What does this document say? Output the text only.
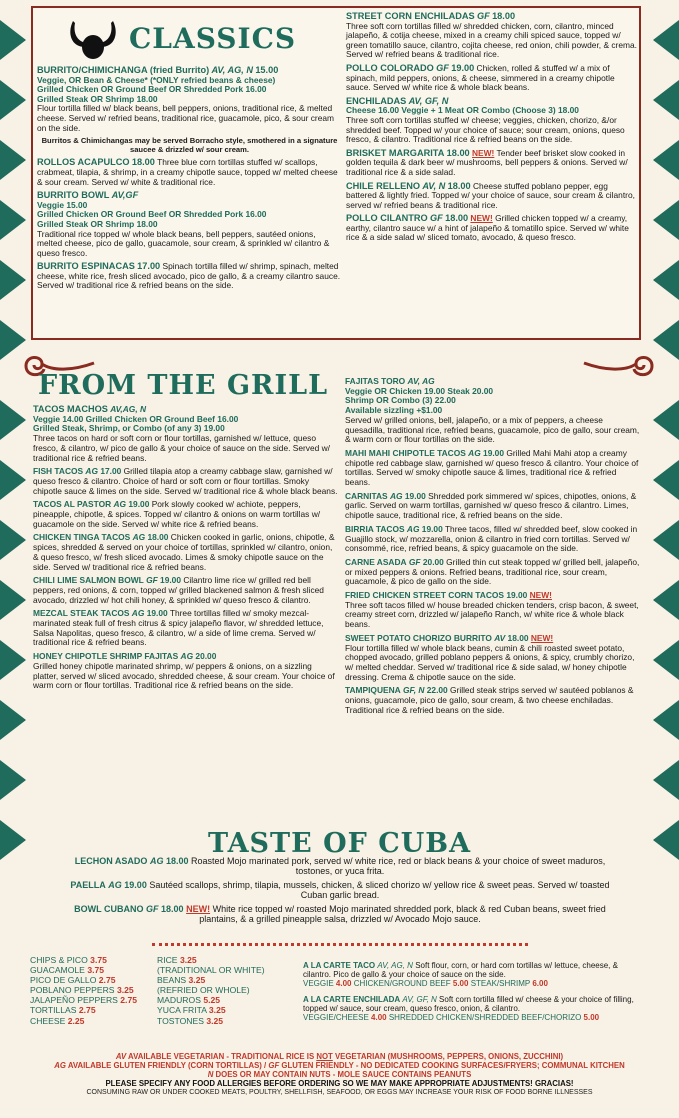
CLASSICS
BURRITO/CHIMICHANGA (fried Burrito) AV, AG, N 15.00
Veggie, OR Bean & Cheese* (*ONLY refried beans & cheese)
Grilled Chicken OR Ground Beef OR Shredded Pork 16.00
Grilled Steak OR Shrimp 18.00
Flour tortilla filled w/ black beans, bell peppers, onions, traditional rice, & melted cheese. Served w/ refried beans, traditional rice, guacamole, pico, & sour cream on the side.

Burritos & Chimichangas may be served Borracho style, smothered in a signature saucee & drizzled w/ sour cream.

ROLLOS ACAPULCO 18.00 Three blue corn tortillas stuffed w/ scallops, crabmeat, tilapia, & shrimp, in a creamy chipotle sauce, topped w/ melted cheese & sour cream. Served w/ white & traditional rice.
BURRITO BOWL AV,GF
Veggie 15.00
Grilled Chicken OR Ground Beef OR Shredded Pork 16.00
Grilled Steak OR Shrimp 18.00
Traditional rice topped w/ whole black beans, bell peppers, sautéed onions, melted cheese, pico de gallo, guacamole, sour cream, & sprinkled w/ cilantro & queso fresco.
BURRITO ESPINACAS 17.00 Spinach tortilla filled w/ shrimp, spinach, melted cheese, white rice, fresh sliced avocado, pico de gallo, & a creamy cilantro sauce. Served w/ traditional rice & refried beans on the side.
STREET CORN ENCHILADAS GF 18.00
Three soft corn tortillas filled w/ shredded chicken, corn, cilantro, minced jalapeño, & cotija cheese, mixed in a creamy chili spiced sauce, topped w/ green tomatillo sauce, cilantro, cojita cheese, red onion, chili powder, & crema. Served w/ refried beans & traditional rice.
POLLO COLORADO GF 19.00 Chicken, rolled & stuffed w/ a mix of spinach, mild peppers, onions, & cheese, simmered in a creamy chipotle sauce. Served w/ white rice & whole black beans.
ENCHILADAS AV, GF, N
Cheese 16.00 Veggie + 1 Meat OR Combo (Choose 3) 18.00
Three soft corn tortillas stuffed w/ cheese; veggies, chicken, chorizo, &/or shredded beef. Topped w/ your choice of sauce; sour cream, onions, queso fresco, & cilantro. Traditional rice & refried beans on the side.
BRISKET MARGARITA 18.00 NEW! Tender beef brisket slow cooked in golden tequila & dark beer w/ mushrooms, bell peppers & onions. Served w/ traditional rice & a side salad.
CHILE RELLENO AV, N 18.00 Cheese stuffed poblano pepper, egg battered & lightly fried. Topped w/ your choice of sauce, sour cream & cilantro, served w/ refried beans & traditional rice.
POLLO CILANTRO GF 18.00 NEW! Grilled chicken topped w/ a creamy, earthy, cilantro sauce w/ a hint of jalapeño & tomatillo spice. Served w/ white rice & a side salad w/ sliced tomato, avocado, & queso fresco.
FROM THE GRILL
TACOS MACHOS AV,AG, N
Veggie 14.00 Grilled Chicken OR Ground Beef 16.00
Grilled Steak, Shrimp, or Combo (of any 3) 19.00
Three tacos on hard or soft corn or flour tortillas, garnished w/ lettuce, queso fresco, & cilantro, w/ pico de gallo & your choice of sauce on the side. Served w/ traditional rice & refried beans.
FISH TACOS AG 17.00 Grilled tilapia atop a creamy cabbage slaw, garnished w/ queso fresco & cilantro. Choice of hard or soft corn or flour tortillas. Smoky chipotle sauce & limes on the side. Served w/ traditional rice & whole black beans.
TACOS AL PASTOR AG 19.00 Pork slowly cooked w/ achiote, peppers, pineapple, chipotle, & spices. Topped w/ cilantro & onions on warm tortillas w/ guacamole on the side. Served w/ white rice & refried beans.
CHICKEN TINGA TACOS AG 18.00 Chicken cooked in garlic, onions, chipotle, & spices, shredded & served on your choice of tortillas, sprinkled w/ cilantro, onion, & queso fresco, w/ fresh sliced avocado. Limes & smoky chipotle sauce on the side. Served w/ traditional rice & refried beans.
CHILI LIME SALMON BOWL GF 19.00 Cilantro lime rice w/ grilled red bell peppers, red onions, & corn, topped w/ grilled blackened salmon & fresh sliced avocado, drizzled w/ hot chili honey, & sprinkled w/ queso fresco & cilantro.
MEZCAL STEAK TACOS AG 19.00 Three tortillas filled w/ smoky mezcal-marinated steak full of fresh citrus & spicy jalapeño flavor, w/ shredded lettuce, Salsa Napolitas, queso fresco, & cilantro, w/ a side of lime crema. Served w/ traditional rice & refried beans.
HONEY CHIPOTLE SHRIMP FAJITAS AG 20.00
Grilled honey chipotle marinated shrimp, w/ peppers & onions, on a sizzling platter, served w/ sliced avocado, shredded cheese, & sour cream. Your choice of warm corn or flour tortillas. Traditional rice & refried beans on the side.
FAJITAS TORO AV, AG
Veggie OR Chicken 19.00 Steak 20.00
Shrimp OR Combo (3) 22.00
Available sizzling +$1.00
Served w/ grilled onions, bell, jalapeño, or a mix of peppers, a cheese quesadilla, traditional rice, refried beans, guacamole, pico de gallo, sour cream, & warm corn or flour tortillas on the side.
MAHI MAHI CHIPOTLE TACOS AG 19.00 Grilled Mahi Mahi atop a creamy chipotle red cabbage slaw, garnished w/ queso fresco & cilantro. Your choice of tortillas. Served w/ smoky chipotle sauce & limes, traditional rice & refried beans.
CARNITAS AG 19.00 Shredded pork simmered w/ spices, chipotles, onions, & garlic. Served on warm tortillas, garnished w/ queso fresco & cilantro. Limes, chipotle sauce, traditional rice, & refried beans on the side.
BIRRIA TACOS AG 19.00 Three tacos, filled w/ shredded beef, slow cooked in Guajillo stock, w/ mozzarella, onion & cilantro in fried corn tortillas. Served w/ consommé, rice, refried beans, & spicy guacamole on the side.
CARNE ASADA GF 20.00 Grilled thin cut steak topped w/ grilled bell, jalapeño, or mixed peppers & onions. Refried beans, traditional rice, sour cream, guacamole, & pico de gallo on the side.
FRIED CHICKEN STREET CORN TACOS 19.00 NEW!
Three soft tacos filled w/ house breaded chicken tenders, crisp bacon, & sweet, creamy street corn, drizzled w/ jalapeño Ranch, w/ white rice & whole black beans.
SWEET POTATO CHORIZO BURRITO AV 18.00 NEW!
Flour tortilla filled w/ whole black beans, cumin & chili roasted sweet potato, chopped avocado, grilled poblano peppers & onions, & spicy, crumbly chorizo, w/ melted cheddar. Served w/ traditional rice & side salad, w/ honey chipotle dressing. Crema & chipotle sauce on the side.
TAMPIQUENA GF, N 22.00 Grilled steak strips served w/ sautéed poblanos & onions, guacamole, pico de gallo, sour cream, & two cheese enchiladas. Traditional rice & refried beans on the side.
TASTE OF CUBA
LECHON ASADO AG 18.00 Roasted Mojo marinated pork, served w/ white rice, red or black beans & your choice of sweet maduros, tostones, or yuca frita.
PAELLA AG 19.00 Sautéed scallops, shrimp, tilapia, mussels, chicken, & sliced chorizo w/ yellow rice & sweet peas. Served w/ toasted Cuban garlic bread.
BOWL CUBANO GF 18.00 NEW! White rice topped w/ roasted Mojo marinated shredded pork, black & red Cuban beans, sweet fried plantains, & a grilled pineapple salsa, drizzled w/ Avocado Mojo sauce.
CHIPS & PICO 3.75
GUACAMOLE 3.75
PICO DE GALLO 2.75
POBLANO PEPPERS 3.25
JALAPEÑO PEPPERS 2.75
TORTILLAS 2.75
CHEESE 2.25
RICE 3.25
(TRADITIONAL OR WHITE)
BEANS 3.25
(REFRIED OR WHOLE)
MADUROS 5.25
YUCA FRITA 3.25
TOSTONES 3.25
A LA CARTE TACO AV, AG, N Soft flour, corn, or hard corn tortillas w/ lettuce, cheese, & cilantro. Pico de gallo & your choice of sauce on the side.
VEGGIE 4.00 CHICKEN/GROUND BEEF 5.00 STEAK/SHRIMP 6.00
A LA CARTE ENCHILADA AV, GF, N Soft corn tortilla filled w/ cheese & your choice of filling, topped w/ sauce, sour cream, queso fresco, onion, & cilantro.
VEGGIE/CHEESE 4.00 SHREDDED CHICKEN/SHREDDED BEEF/CHORIZO 5.00
AV AVAILABLE VEGETARIAN - TRADITIONAL RICE IS NOT VEGETARIAN (MUSHROOMS, PEPPERS, ONIONS, ZUCCHINI)
AG AVAILABLE GLUTEN FRIENDLY (CORN TORTILLAS) / GF GLUTEN FRIENDLY - NO DEDICATED COOKING SURFACES/FRYERS; COMMUNAL KITCHEN
N DOES OR MAY CONTAIN NUTS - MOLE SAUCE CONTAINS PEANUTS
PLEASE SPECIFY ANY FOOD ALLERGIES BEFORE ORDERING SO WE MAY MAKE APPROPRIATE ADJUSTMENTS! GRACIAS!
CONSUMING RAW OR UNDER COOKED MEATS, POULTRY, SHELLFISH, SEAFOOD, OR EGGS MAY INCREASE YOUR RISK OF FOOD BORNE ILLNESSES
